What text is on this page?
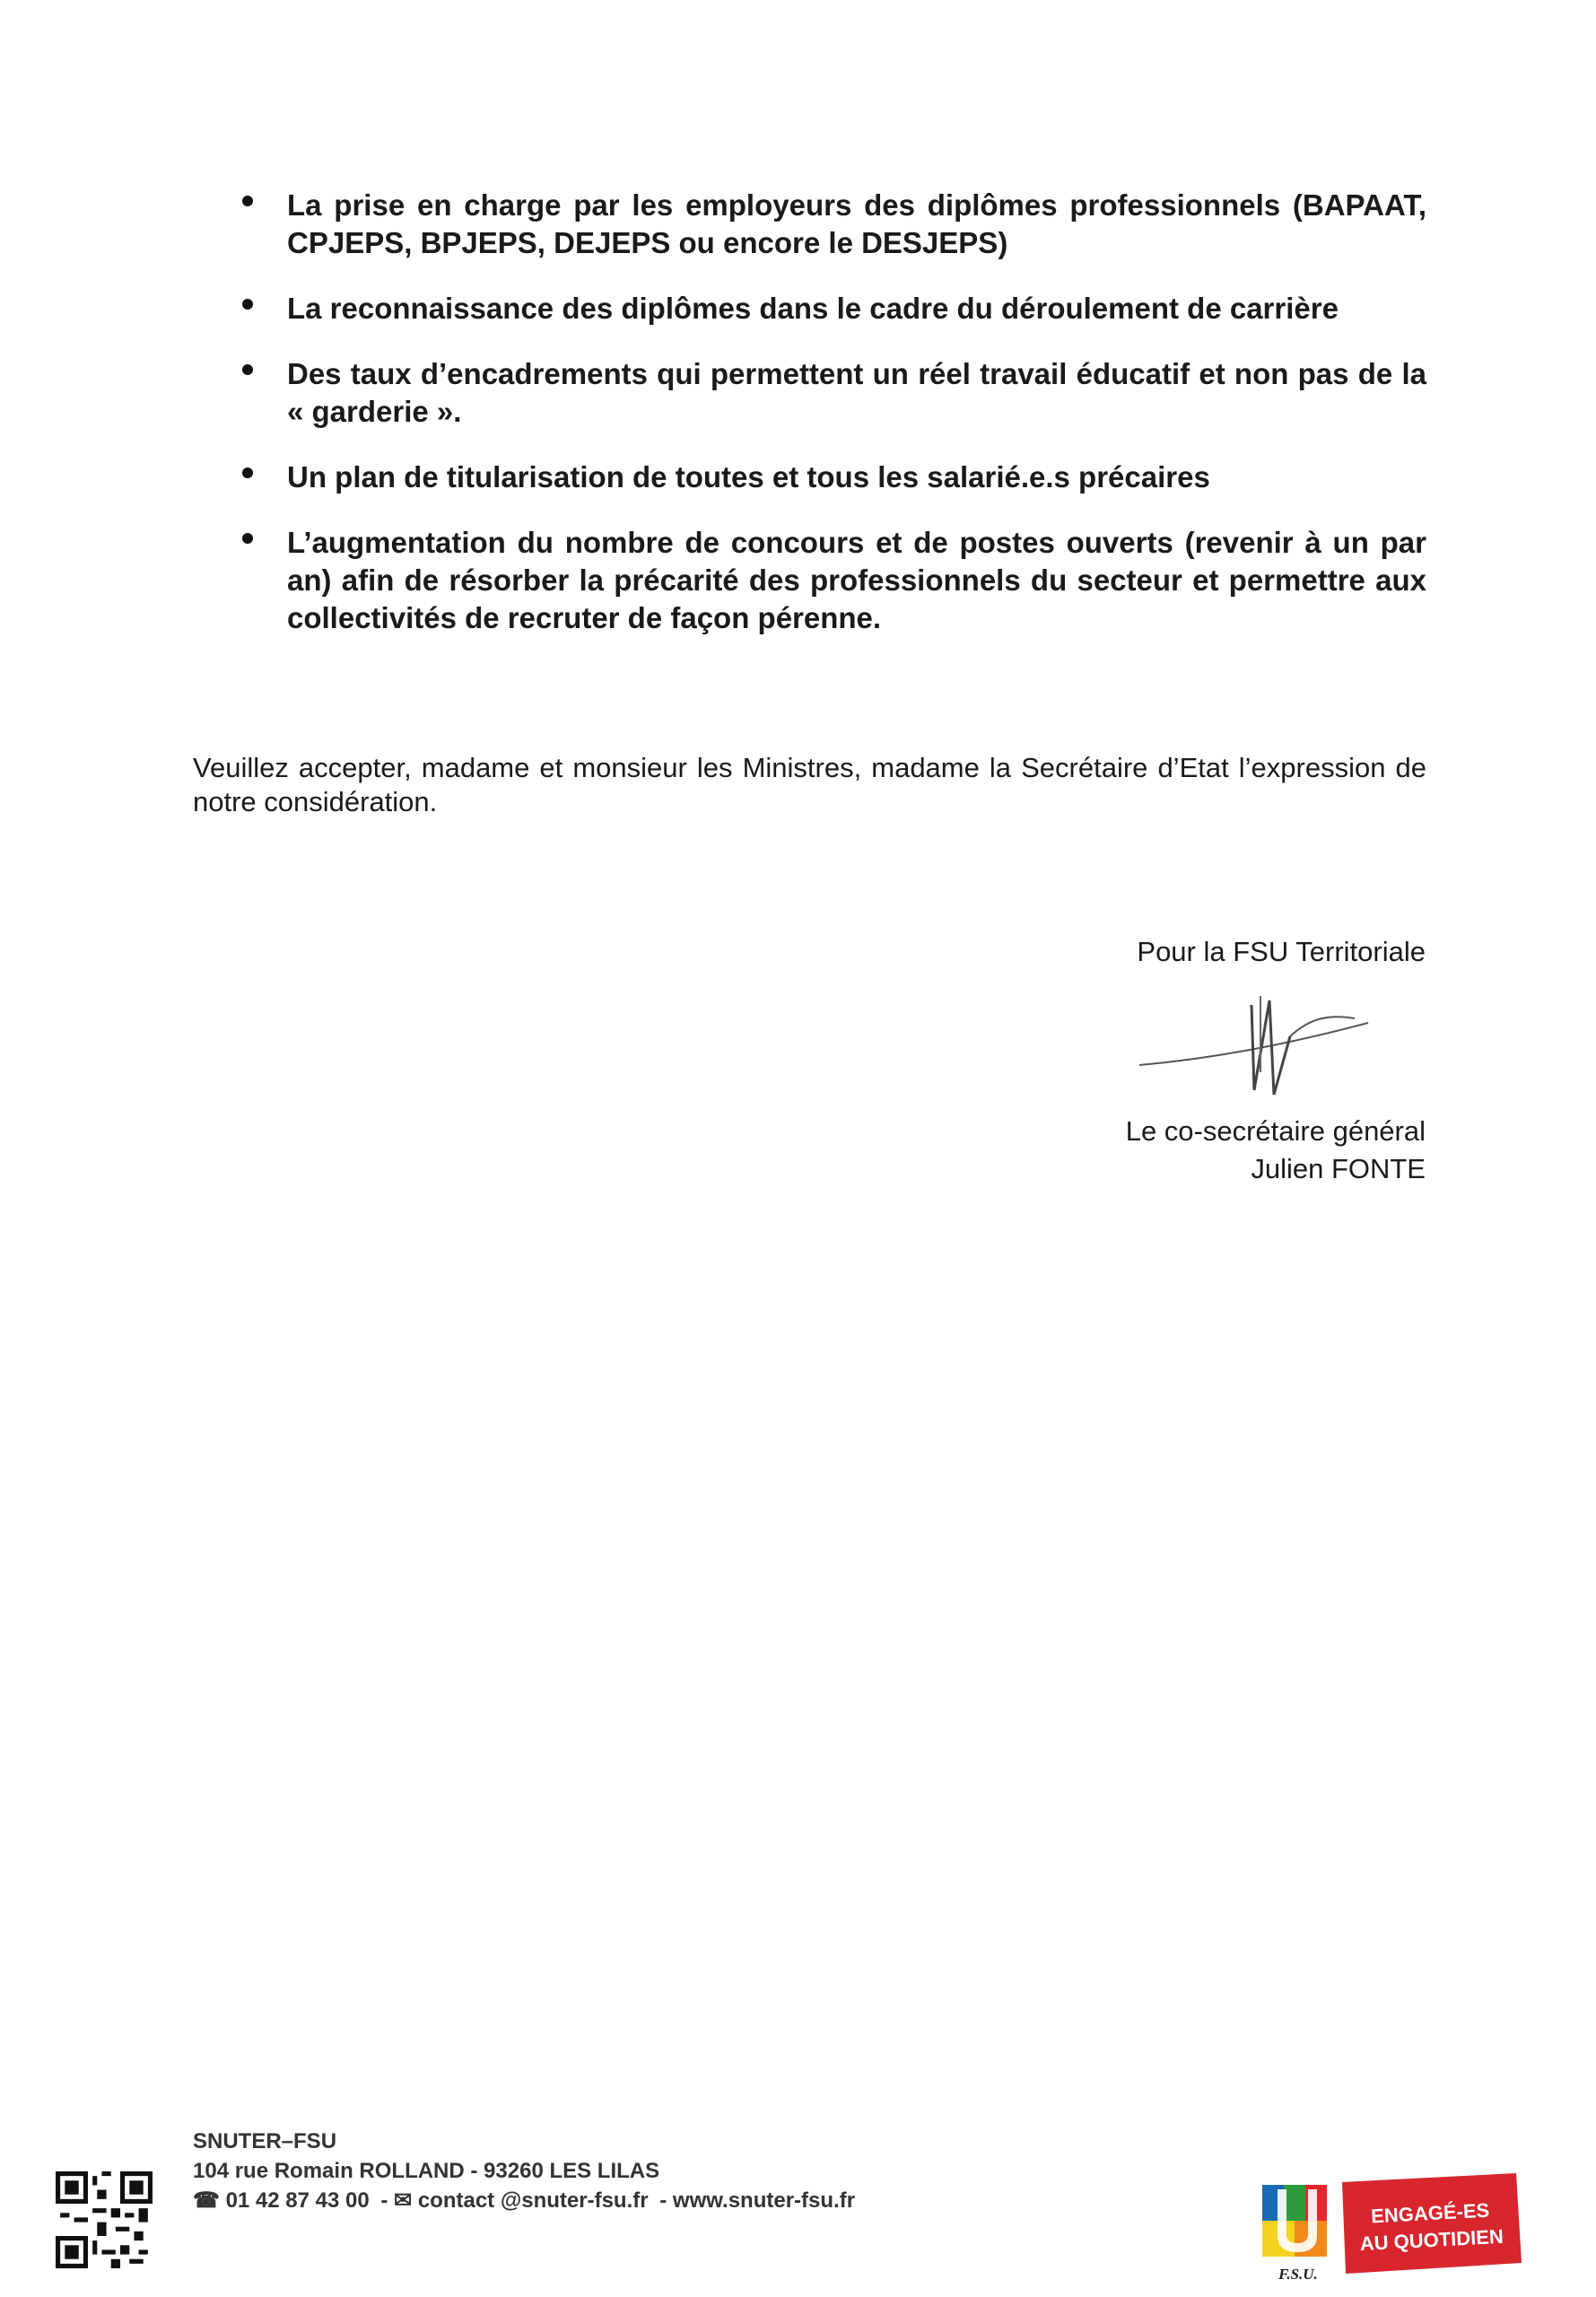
La prise en charge par les employeurs des diplômes professionnels (BAPAAT, CPJEPS, BPJEPS, DEJEPS ou encore le DESJEPS)
La reconnaissance des diplômes dans le cadre du déroulement de carrière
Des taux d’encadrements qui permettent un réel travail éducatif et non pas de la « garderie ».
Un plan de titularisation de toutes et tous les salarié.e.s précaires
L’augmentation du nombre de concours et de postes ouverts (revenir à un par an) afin de résorber la précarité des professionnels du secteur et permettre aux collectivités de recruter de façon pérenne.
Veuillez accepter, madame et monsieur les Ministres, madame la Secrétaire d’Etat l’expression de notre considération.
Pour la FSU Territoriale
Le co-secrétaire général
Julien FONTE
SNUTER–FSU
104 rue Romain ROLLAND - 93260 LES LILAS
☎ 01 42 87 43 00 - ✉ contact @snuter-fsu.fr - www.snuter-fsu.fr
F.S.U.
ENGAGÉ-ES
AU QUOTIDIEN
